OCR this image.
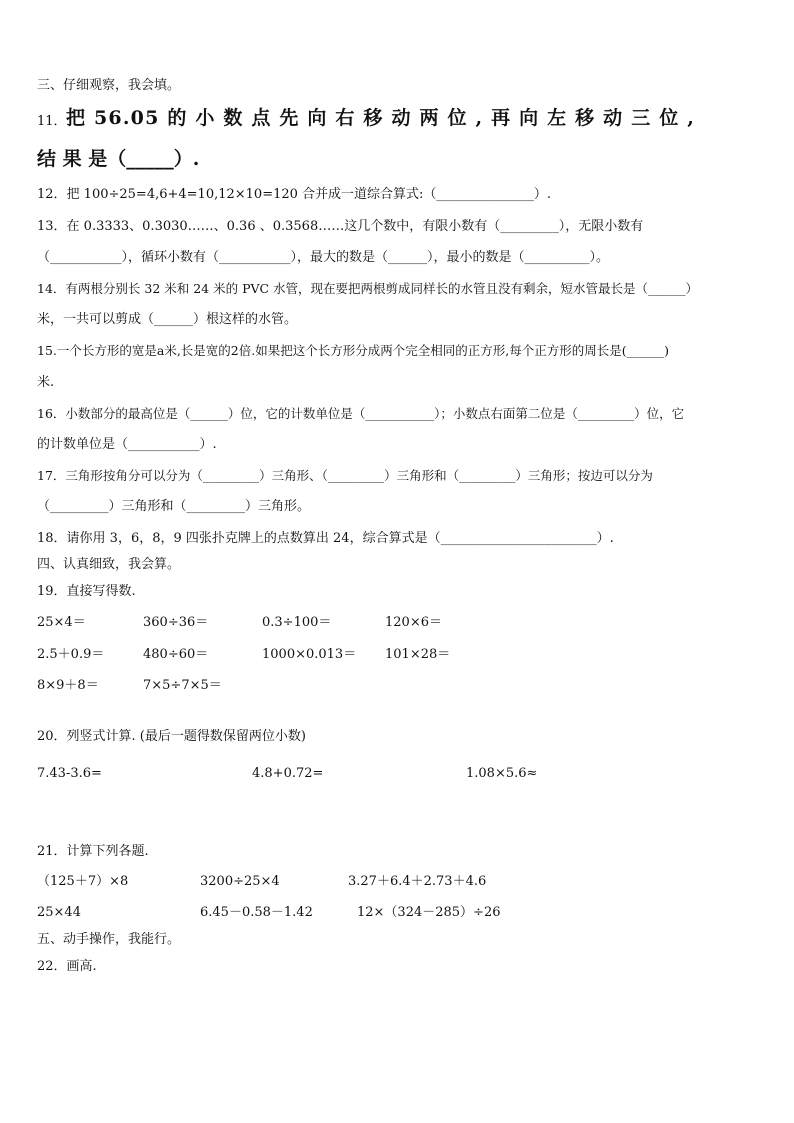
三、仔细观察，我会填。
11． 把 56.05 的 小 数 点 先 向 右 移 动 两 位 , 再 向 左 移 动 三 位 ,
结 果 是（_____）.
12．把 100÷25=4,6+4=10,12×10=120 合并成一道综合算式:（_______________）.
13．在 0.3333、0.3030……、0.36 、0.3568……这几个数中，有限小数有（_________），无限小数有
（___________），循环小数有（___________），最大的数是（______），最小的数是（__________）。
14．有两根分别长 32 米和 24 米的 PVC 水管，现在要把两根剪成同样长的水管且没有剩余，短水管最长是（______）
米，一共可以剪成（______）根这样的水管。
15.一个长方形的宽是a米,长是宽的2倍.如果把这个长方形分成两个完全相同的正方形,每个正方形的周长是(______)
米.
16．小数部分的最高位是（______）位，它的计数单位是（___________）；小数点右面第二位是（_________）位，它
的计数单位是（___________）.
17．三角形按角分可以分为（_________）三角形、（_________）三角形和（_________）三角形；按边可以分为
（_________）三角形和（_________）三角形。
18．请你用 3，6，8，9 四张扑克牌上的点数算出 24，综合算式是（________________________）.
四、认真细致，我会算。
19．直接写得数.
25×4＝	360÷36＝	0.3÷100＝	120×6＝
2.5＋0.9＝	480÷60＝	1000×0.013＝ 101×28＝
8×9＋8＝	7×5÷7×5＝
20．列竖式计算. (最后一题得数保留两位小数)
7.43-3.6=	4.8+0.72=	1.08×5.6≈
21．计算下列各题.
（125＋7）×8	3200÷25×4	3.27＋6.4＋2.73＋4.6
25×44	6.45－0.58－1.42	12×（324－285）÷26
五、动手操作，我能行。
22．画高.
